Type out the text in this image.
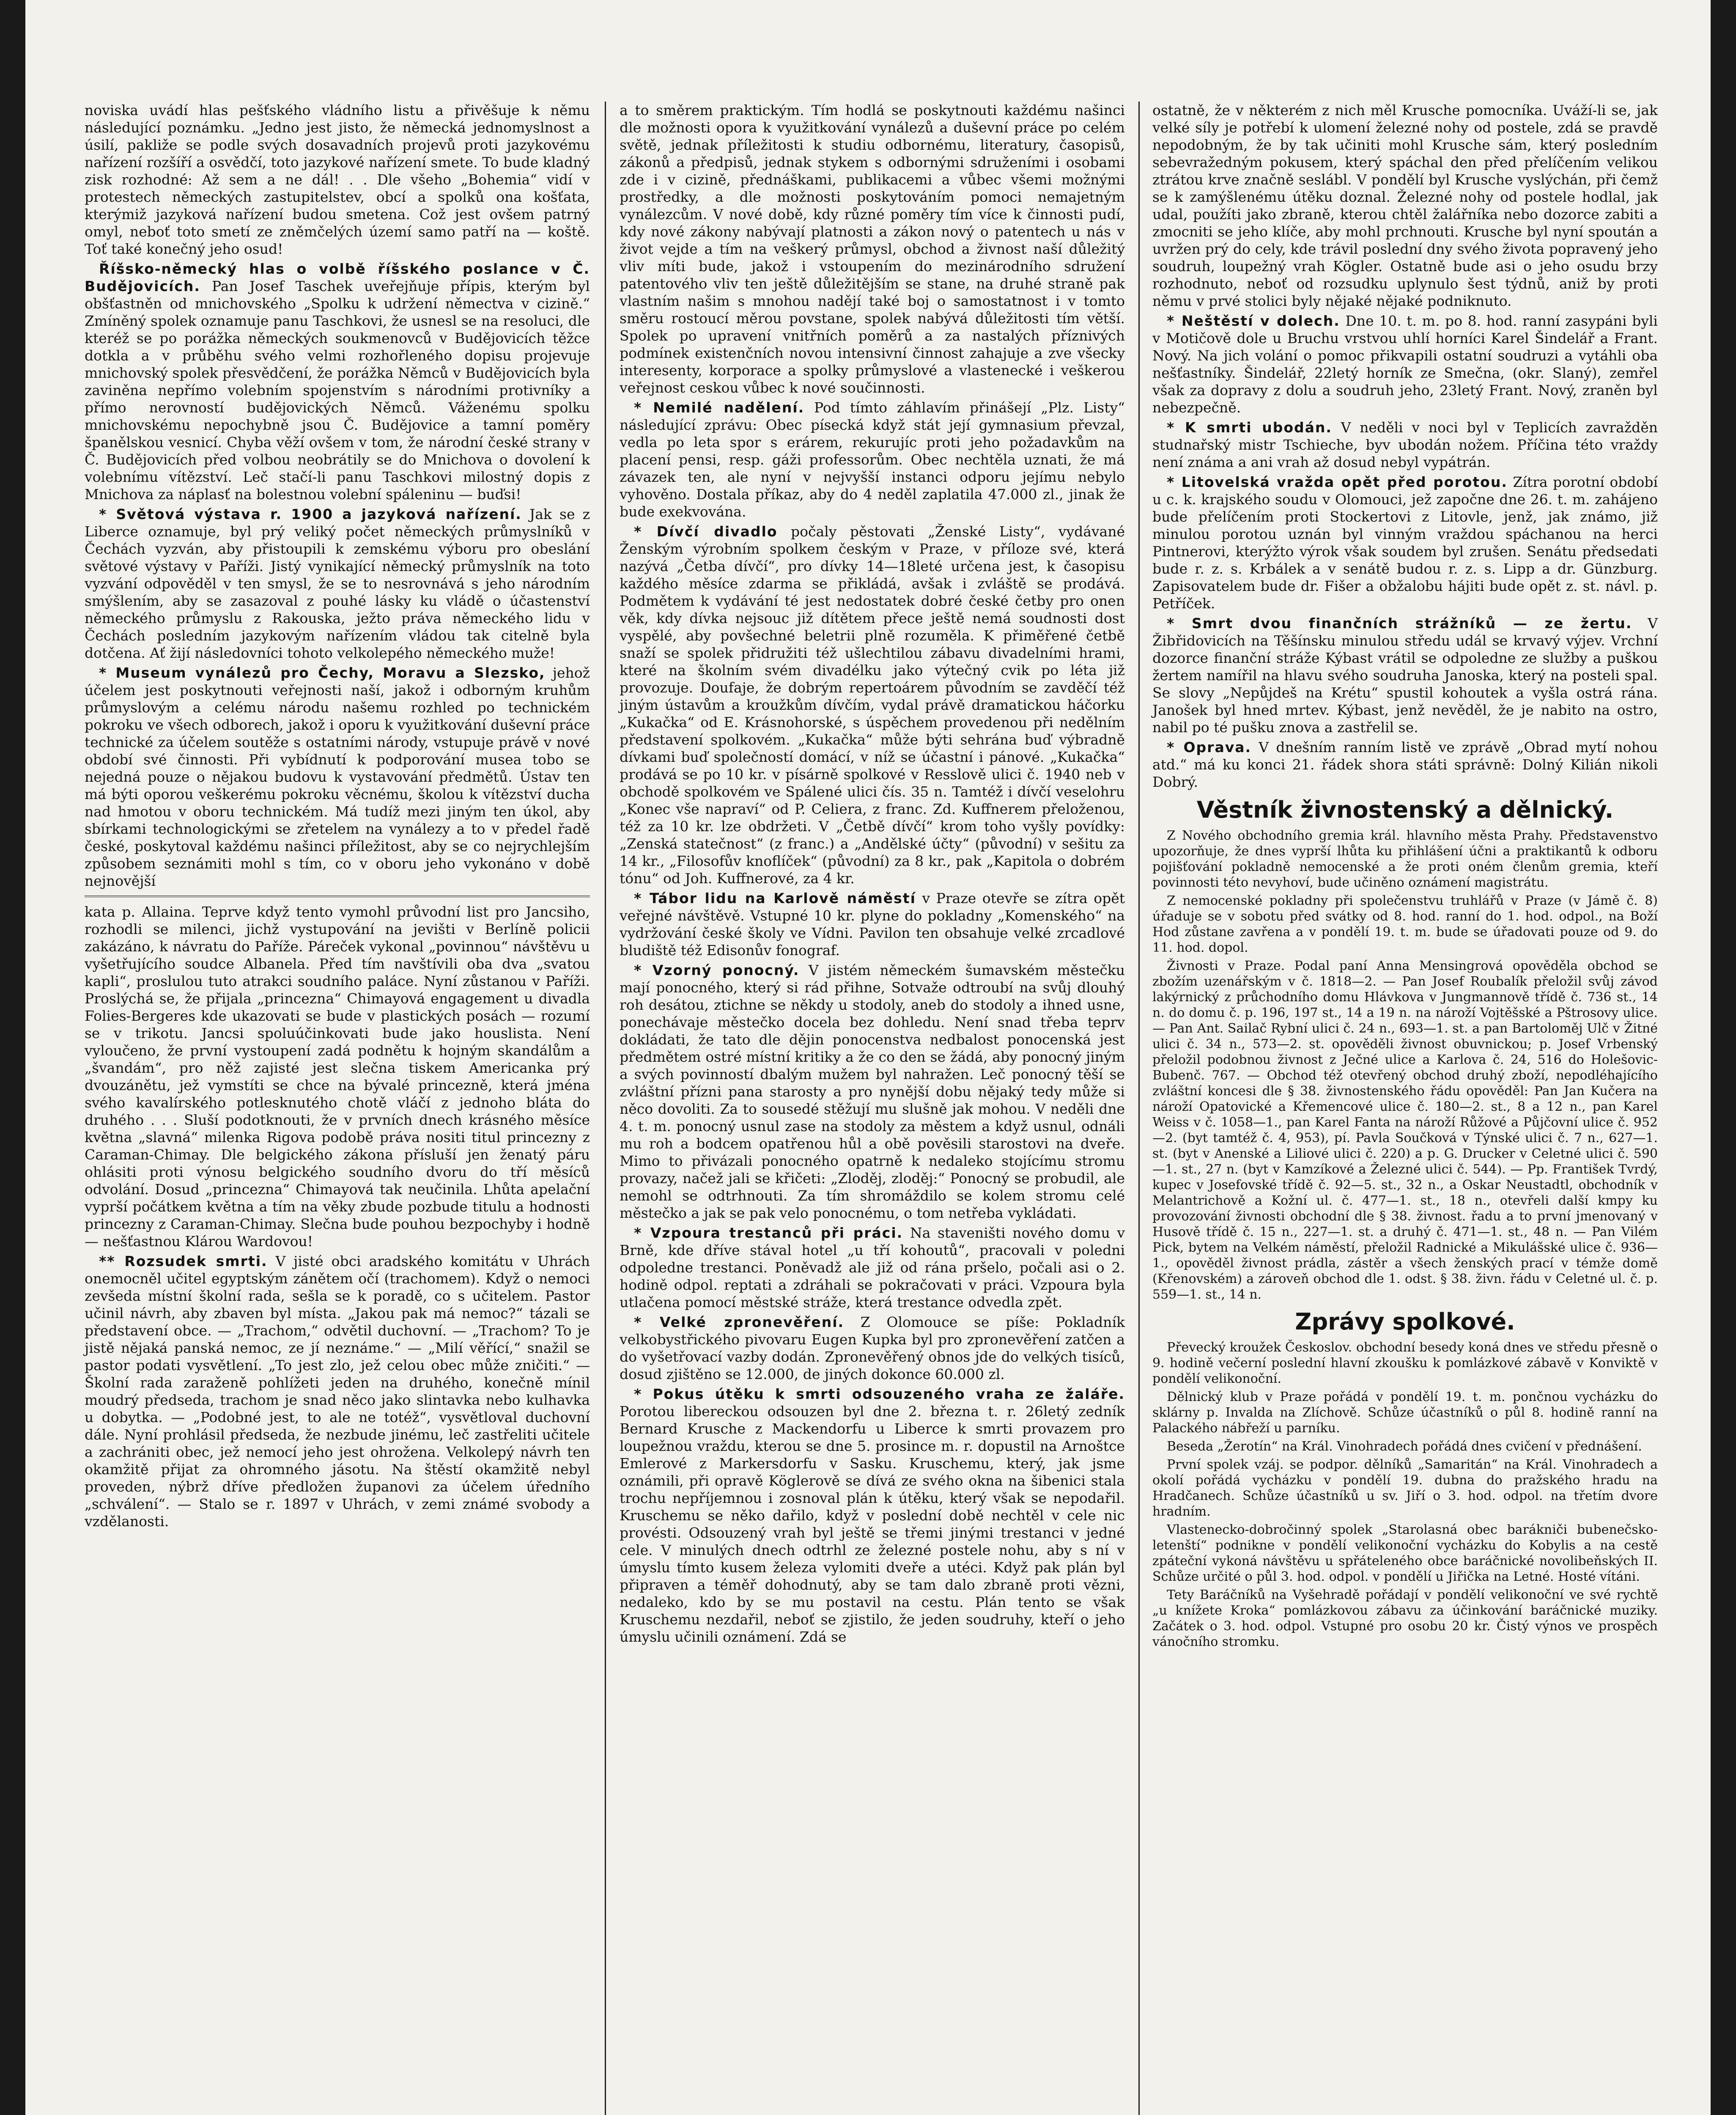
noviska uvádí hlas pešťského vládního listu a přivěšuje k němu následující poznámku. „Jedno jest jisto, že německá jednomyslnost a úsilí, pakliže se podle svých dosavadních projevů proti jazykovému nařízení rozšíří a osvědčí, toto jazykové nařízení smete. To bude kladný zisk rozhodné: Až sem a ne dál! . . Dle všeho „Bohemia“ vidí v protestech německých zastupitelstev, obcí a spolků ona košťata, kterýmiž jazyková nařízení budou smetena. Což jest ovšem patrný omyl, neboť toto smetí ze zněmčelých území samo patří na — koště. Toť také konečný jeho osud!

Říšsko-německý hlas o volbě říšského poslance v Č. Budějovicích. Pan Josef Taschek uveřejňuje přípis, kterým byl obšťastněn od mnichovského „Spolku k udržení němectva v cizině.“ Zmíněný spolek oznamuje panu Taschkovi, že usnesl se na resoluci, dle kteréž se po porážka německých soukmenovců v Budějovicích těžce dotkla a v průběhu svého velmi rozhořleného dopisu projevuje mnichovský spolek přesvědčení, že porážka Němců v Budějovicích byla zaviněna nepřímo volebním spojenstvím s národními protivníky a přímo nerovností budějovických Němců. Váženému spolku mnichovskému nepochybně jsou Č. Budějovice a tamní poměry španělskou vesnicí. Chyba věží ovšem v tom, že národní české strany v Č. Budějovicích před volbou neobrátily se do Mnichova o dovolení k volebnímu vítězství. Leč stačí-li panu Taschkovi milostný dopis z Mnichova za náplasť na bolestnou volební spáleninu — buďsi!

* Světová výstava r. 1900 a jazyková nařízení. Jak se z Liberce oznamuje, byl prý veliký počet německých průmyslníků v Čechách vyzván, aby přistoupili k zemskému výboru pro obeslání světové výstavy v Paříži. Jistý vynikající německý průmyslník na toto vyzvání odpověděl v ten smysl, že se to nesrovnává s jeho národním smýšlením, aby se zasazoval z pouhé lásky ku vládě o účastenství německého průmyslu z Rakouska, ježto práva německého lidu v Čechách posledním jazykovým nařízením vládou tak citelně byla dotčena. Ať žijí následovníci tohoto velkolepého německého muže!

* Museum vynálezů pro Čechy, Moravu a Slezsko, jehož účelem jest poskytnouti veřejnosti naší, jakož i odborným kruhům průmyslovým a celému národu našemu rozhled po technickém pokroku ve všech odborech, jakož i oporu k využitkování duševní práce technické za účelem soutěže s ostatními národy, vstupuje právě v nové období své činnosti. Při vybídnutí k podporování musea tobo se nejedná pouze o nějakou budovu k vystavování předmětů. Ústav ten má býti oporou veškerému pokroku věcnému, školou k vítězství ducha nad hmotou v oboru technickém. Má tudíž mezi jiným ten úkol, aby sbírkami technologickými se zřetelem na vynálezy a to v předel řadě české, poskytoval každému našinci příležitost, aby se co nejrychlejším způsobem seznámiti mohl s tím, co v oboru jeho vykonáno v době nejnovější

kata p. Allaina. Teprve když tento vymohl průvodní list pro Jancsiho, rozhodli se milenci, jichž vystupování na jevišti v Berlíně policii zakázáno, k návratu do Paříže. Páreček vykonal „povinnou“ návštěvu u vyšetřujícího soudce Albanela. Před tím navštívili oba dva „svatou kapli“, proslulou tuto atrakci soudního paláce. Nyní zůstanou v Paříži. Proslýchá se, že přijala „princezna“ Chimayová engagement u divadla Folies-Bergeres kde ukazovati se bude v plastických posách — rozumí se v trikotu. Jancsi spoluúčinkovati bude jako houslista. Není vyloučeno, že první vystoupení zadá podnětu k hojným skandálům a „švandám“, pro něž zajisté jest slečna tiskem Americanka prý dvouzánětu, jež vymstíti se chce na bývalé princezně, která jména svého kavalírského potlesknutého chotě vláčí z jednoho bláta do druhého . . . Sluší podotknouti, že v prvních dnech krásného měsíce května „slavná“ milenka Rigova podobě práva nositi titul princezny z Caraman-Chimay. Dle belgického zákona přísluší jen ženatý páru ohlásiti proti výnosu belgického soudního dvoru do tří měsíců odvolání. Dosud „princezna“ Chimayová tak neučinila. Lhůta apelační vyprší počátkem května a tím na věky zbude pozbude titulu a hodnosti princezny z Caraman-Chimay. Slečna bude pouhou bezpochyby i hodně — nešťastnou Klárou Wardovou!

** Rozsudek smrti. V jisté obci aradského komitátu v Uhrách onemocněl učitel egyptským zánětem očí (trachomem). Když o nemoci zevšeda místní školní rada, sešla se k poradě, co s učitelem. Pastor učinil návrh, aby zbaven byl místa. „Jakou pak má nemoc?“ tázali se představení obce. — „Trachom,“ odvětil duchovní. — „Trachom? To je jistě nějaká panská nemoc, ze jí neznáme.“ — „Milí věřící,“ snažil se pastor podati vysvětlení. „To jest zlo, jež celou obec může zničiti.“ — Školní rada zaraženě pohlížeti jeden na druhého, konečně mínil moudrý předseda, trachom je snad něco jako slintavka nebo kulhavka u dobytka. — „Podobné jest, to ale ne totéž“, vysvětloval duchovní dále. Nyní prohlásil předseda, že nezbude jinému, leč zastřeliti učitele a zachrániti obec, jež nemocí jeho jest ohrožena. Velkolepý návrh ten okamžitě přijat za ohromného jásotu. Na štěstí okamžitě nebyl proveden, nýbrž dříve předložen županovi za účelem úředního „schválení“. — Stalo se r. 1897 v Uhrách, v zemi známé svobody a vzdělanosti.

a to směrem praktickým. Tím hodlá se poskytnouti každému našinci dle možnosti opora k využitkování vynálezů a duševní práce po celém světě, jednak příležitosti k studiu odbornému, literatury, časopisů, zákonů a předpisů, jednak stykem s odbornými sdruženími i osobami zde i v cizině, přednáškami, publikacemi a vůbec všemi možnými prostředky, a dle možnosti poskytováním pomoci nemajetným vynálezcům. V nové době, kdy různé poměry tím více k činnosti pudí, kdy nové zákony nabývají platnosti a zákon nový o patentech u nás v život vejde a tím na veškerý průmysl, obchod a živnost naší důležitý vliv míti bude, jakož i vstoupením do mezinárodního sdružení patentového vliv ten ještě důležitějším se stane, na druhé straně pak vlastním našim s mnohou nadějí také boj o samostatnost i v tomto směru rostoucí měrou povstane, spolek nabývá důležitosti tím větší. Spolek po upravení vnitřních poměrů a za nastalých příznivých podmínek existenčních novou intensivní činnost zahajuje a zve všecky interesenty, korporace a spolky průmyslové a vlastenecké i veškerou veřejnost ceskou vůbec k nové součinnosti.

* Nemilé nadělení. Pod tímto záhlavím přinášejí „Plz. Listy“ následující zprávu: Obec písecká když stát její gymnasium převzal, vedla po leta spor s erárem, rekurujíc proti jeho požadavkům na placení pensi, resp. gáži professorům. Obec nechtěla uznati, že má závazek ten, ale nyní v nejvyšší instanci odporu jejímu nebylo vyhověno. Dostala příkaz, aby do 4 neděl zaplatila 47.000 zl., jinak že bude exekvována.

* Dívčí divadlo počaly pěstovati „Ženské Listy“, vydávané Ženským výrobním spolkem českým v Praze, v příloze své, která nazývá „Četba dívčí“, pro dívky 14—18leté určena jest, k časopisu každého měsíce zdarma se přikládá, avšak i zvláště se prodává. Podmětem k vydávání té jest nedostatek dobré české četby pro onen věk, kdy dívka nejsouc již dítětem přece ještě nemá soudnosti dost vyspělé, aby povšechné beletrii plně rozuměla. K přiměřené četbě snaží se spolek přidružiti též ušlechtilou zábavu divadelními hrami, které na školním svém divadélku jako výtečný cvik po léta již provozuje. Doufaje, že dobrým repertoárem původním se zavděčí též jiným ústavům a kroužkům dívčím, vydal právě dramatickou háčorku „Kukačka“ od E. Krásnohorské, s úspěchem provedenou při nedělním představení spolkovém. „Kukačka“ může býti sehrána buď výbradně dívkami buď společností domácí, v níž se účastní i pánové. „Kukačka“ prodává se po 10 kr. v písárně spolkové v Resslově ulici č. 1940 neb v obchodě spolkovém ve Spálené ulici čís. 35 n. Tamtéž i dívčí veselohru „Konec vše napraví“ od P. Celiera, z franc. Zd. Kuffnerem přeloženou, též za 10 kr. lze obdržeti. V „Četbě dívčí“ krom toho vyšly povídky: „Zenská statečnost“ (z franc.) a „Andělské účty“ (původní) v sešitu za 14 kr., „Filosofův knoflíček“ (původní) za 8 kr., pak „Kapitola o dobrém tónu“ od Joh. Kuffnerové, za 4 kr.

* Tábor lidu na Karlově náměstí v Praze otevře se zítra opět veřejné návštěvě. Vstupné 10 kr. plyne do pokladny „Komenského“ na vydržování české školy ve Vídni. Pavilon ten obsahuje velké zrcadlové bludiště též Edisonův fonograf.

* Vzorný ponocný. V jistém německém šumavském městečku mají ponocného, který si rád přihne, Sotvaže odtroubí na svůj dlouhý roh desátou, ztichne se někdy u stodoly, aneb do stodoly a ihned usne, ponechávaje městečko docela bez dohledu. Není snad třeba teprv dokládati, že tato dle dějin ponocenstva nedbalost ponocenská jest předmětem ostré místní kritiky a že co den se žádá, aby ponocný jiným a svých povinností dbalým mužem byl nahražen. Leč ponocný těší se zvláštní přízni pana starosty a pro nynější dobu nějaký tedy může si něco dovoliti. Za to sousedé stěžují mu slušně jak mohou. V neděli dne 4. t. m. ponocný usnul zase na stodoly za městem a když usnul, odnáli mu roh a bodcem opatřenou hůl a obě pověsili starostovi na dveře. Mimo to přivázali ponocného opatrně k nedaleko stojícímu stromu provazy, načež jali se křičeti: „Zloděj, zloděj:“ Ponocný se probudil, ale nemohl se odtrhnouti. Za tím shromáždilo se kolem stromu celé městečko a jak se pak velo ponocnému, o tom netřeba vykládati.

* Vzpoura trestanců při práci. Na staveništi nového domu v Brně, kde dříve stával hotel „u tří kohoutů“, pracovali v poledni odpoledne trestanci. Poněvadž ale již od rána pršelo, počali asi o 2. hodině odpol. reptati a zdráhali se pokračovati v práci. Vzpoura byla utlačena pomocí městské stráže, která trestance odvedla zpět.

* Velké zpronevěření. Z Olomouce se píše: Pokladník velkobystřického pivovaru Eugen Kupka byl pro zpronevěření zatčen a do vyšetřovací vazby dodán. Zpronevěřený obnos jde do velkých tisíců, dosud zjištěno se 12.000, de jiných dokonce 60.000 zl.

* Pokus útěku k smrti odsouzeného vraha ze žaláře. Porotou libereckou odsouzen byl dne 2. března t. r. 26letý zedník Bernard Krusche z Mackendorfu u Liberce k smrti provazem pro loupežnou vraždu, kterou se dne 5. prosince m. r. dopustil na Arnoštce Emlerové z Markersdorfu v Sasku. Kruschemu, který, jak jsme oznámili, při opravě Köglerově se dívá ze svého okna na šibenici stala trochu nepříjemnou i zosnoval plán k útěku, který však se nepodařil. Kruschemu se něko dařilo, když v poslední době nechtěl v cele nic provésti. Odsouzený vrah byl ještě se třemi jinými trestanci v jedné cele. V minulých dnech odtrhl ze železné postele nohu, aby s ní v úmyslu tímto kusem železa vylomiti dveře a utéci. Když pak plán byl připraven a téměř dohodnutý, aby se tam dalo zbraně proti vězni, nedaleko, kdo by se mu postavil na cestu. Plán tento se však Kruschemu nezdařil, neboť se zjistilo, že jeden soudruhy, kteří o jeho úmyslu učinili oznámení. Zdá se

ostatně, že v některém z nich měl Krusche pomocníka. Uváží-li se, jak velké síly je potřebí k ulomení železné nohy od postele, zdá se pravdě nepodobným, že by tak učiniti mohl Krusche sám, který posledním sebevražedným pokusem, který spáchal den před přelíčením velikou ztrátou krve značně seslábl. V pondělí byl Krusche vyslýchán, při čemž se k zamýšlenému útěku doznal. Železné nohy od postele hodlal, jak udal, použíti jako zbraně, kterou chtěl žalářníka nebo dozorce zabiti a zmocniti se jeho klíče, aby mohl prchnouti. Krusche byl nyní spoután a uvržen prý do cely, kde trávil poslední dny svého života popravený jeho soudruh, loupežný vrah Kögler. Ostatně bude asi o jeho osudu brzy rozhodnuto, neboť od rozsudku uplynulo šest týdnů, aniž by proti němu v prvé stolici byly nějaké nějaké podniknuto.

* Neštěstí v dolech. Dne 10. t. m. po 8. hod. ranní zasypáni byli v Motičově dole u Bruchu vrstvou uhlí horníci Karel Šindelář a Frant. Nový. Na jich volání o pomoc přikvapili ostatní soudruzi a vytáhli oba nešťastníky. Šindelář, 22letý horník ze Smečna, (okr. Slaný), zemřel však za dopravy z dolu a soudruh jeho, 23letý Frant. Nový, zraněn byl nebezpečně.

* K smrti ubodán. V neděli v noci byl v Teplicích zavražděn studnařský mistr Tschieche, byv ubodán nožem. Příčina této vraždy není známa a ani vrah až dosud nebyl vypátrán.

* Litovelská vražda opět před porotou. Zítra porotní období u c. k. krajského soudu v Olomouci, jež započne dne 26. t. m. zahájeno bude přelíčením proti Stockertovi z Litovle, jenž, jak známo, již minulou porotou uznán byl vinným vraždou spáchanou na herci Pintnerovi, kterýžto výrok však soudem byl zrušen. Senátu předsedati bude r. z. s. Krbálek a v senátě budou r. z. s. Lipp a dr. Günzburg. Zapisovatelem bude dr. Fišer a obžalobu hájiti bude opět z. st. návl. p. Petříček.

* Smrt dvou finančních strážníků — ze žertu. V Žibřidovicích na Těšínsku minulou středu udál se krvavý výjev. Vrchní dozorce finanční stráže Kýbast vrátil se odpoledne ze služby a puškou žertem namířil na hlavu svého soudruha Janoska, který na posteli spal. Se slovy „Nepůjdeš na Krétu“ spustil kohoutek a vyšla ostrá rána. Janošek byl hned mrtev. Kýbast, jenž nevěděl, že je nabito na ostro, nabil po té pušku znova a zastřelil se.

* Oprava. V dnešním ranním listě ve zprávě „Obrad mytí nohou atd.“ má ku konci 21. řádek shora státi správně: Dolný Kilián nikoli Dobrý.

Věstník živnostenský a dělnický.

Z Nového obchodního gremia král. hlavního města Prahy. Představenstvo upozorňuje, že dnes vyprší lhůta ku přihlášení účni a praktikantů k odboru pojišťování pokladně nemocenské a že proti oném členům gremia, kteří povinnosti této nevyhoví, bude učiněno oznámení magistrátu.

Z nemocenské pokladny při společenstvu truhlářů v Praze (v Jámě č. 8) úřaduje se v sobotu před svátky od 8. hod. ranní do 1. hod. odpol., na Boží Hod zůstane zavřena a v pondělí 19. t. m. bude se úřadovati pouze od 9. do 11. hod. dopol.

Živnosti v Praze. Podal paní Anna Mensingrová opověděla obchod se zbožím uzenářským v č. 1818—2. — Pan Josef Roubalík přeložil svůj závod lakýrnický z průchodního domu Hlávkova v Jungmannově třídě č. 736 st., 14 n. do domu č. p. 196, 197 st., 14 a 19 n. na nároží Vojtěšské a Pštrosovy ulice. — Pan Ant. Sailač Rybní ulici č. 24 n., 693—1. st. a pan Bartoloměj Ulč v Žitné ulici č. 34 n., 573—2. st. opověděli živnost obuvnickou; p. Josef Vrbenský přeložil podobnou živnost z Ječné ulice a Karlova č. 24, 516 do Holešovic-Bubenč. 767. — Obchod též otevřený obchod druhý zboží, nepodléhajícího zvláštní koncesi dle § 38. živnostenského řádu opověděl: Pan Jan Kučera na nároží Opatovické a Křemencové ulice č. 180—2. st., 8 a 12 n., pan Karel Weiss v č. 1058—1., pan Karel Fanta na nároží Růžové a Půjčovní ulice č. 952—2. (byt tamtéž č. 4, 953), pí. Pavla Součková v Týnské ulici č. 7 n., 627—1. st. (byt v Anenské a Liliové ulici č. 220) a p. G. Drucker v Celetné ulici č. 590—1. st., 27 n. (byt v Kamzíkové a Železné ulici č. 544). — Pp. František Tvrdý, kupec v Josefovské třídě č. 92—5. st., 32 n., a Oskar Neustadtl, obchodník v Melantrichově a Kožní ul. č. 477—1. st., 18 n., otevřeli další kmpy ku provozování živnosti obchodní dle § 38. živnost. řadu a to první jmenovaný v Husově třídě č. 15 n., 227—1. st. a druhý č. 471—1. st., 48 n. — Pan Vilém Pick, bytem na Velkém náměstí, přeložil Radnické a Mikulášské ulice č. 936—1., opověděl živnost prádla, zástěr a všech ženských prací v témže domě (Křenovském) a zároveň obchod dle 1. odst. § 38. živn. řádu v Celetné ul. č. p. 559—1. st., 14 n.

Zprávy spolkové.

Převecký kroužek Českoslov. obchodní besedy koná dnes ve středu přesně o 9. hodině večerní poslední hlavní zkoušku k pomlázkové zábavě v Konviktě v pondělí velikonoční.

Dělnický klub v Praze pořádá v pondělí 19. t. m. pončnou vycházku do sklárny p. Invalda na Zlíchově. Schůze účastníků o půl 8. hodině ranní na Palackého nábřeží u parníku.

Beseda „Žerotín“ na Král. Vinohradech pořádá dnes cvičení v přednášení.

První spolek vzáj. se podpor. dělníků „Samaritán“ na Král. Vinohradech a okolí pořádá vycházku v pondělí 19. dubna do pražského hradu na Hradčanech. Schůze účastníků u sv. Jiří o 3. hod. odpol. na třetím dvore hradním.

Vlastenecko-dobročinný spolek „Starolasná obec barákniči bubenečsko-letenští“ podnikne v pondělí velikonoční vycházku do Kobylis a na cestě zpáteční vykoná návštěvu u spřáteleného obce baráčnické novolibeňských II. Schůze určité o půl 3. hod. odpol. v pondělí u Jiřička na Letné. Hosté vítáni.

Tety Baráčníků na Vyšehradě pořádají v pondělí velikonoční ve své rychtě „u knížete Kroka“ pomlázkovou zábavu za účinkování baráčnické muziky. Začátek o 3. hod. odpol. Vstupné pro osobu 20 kr. Čistý výnos ve prospěch vánočního stromku.
